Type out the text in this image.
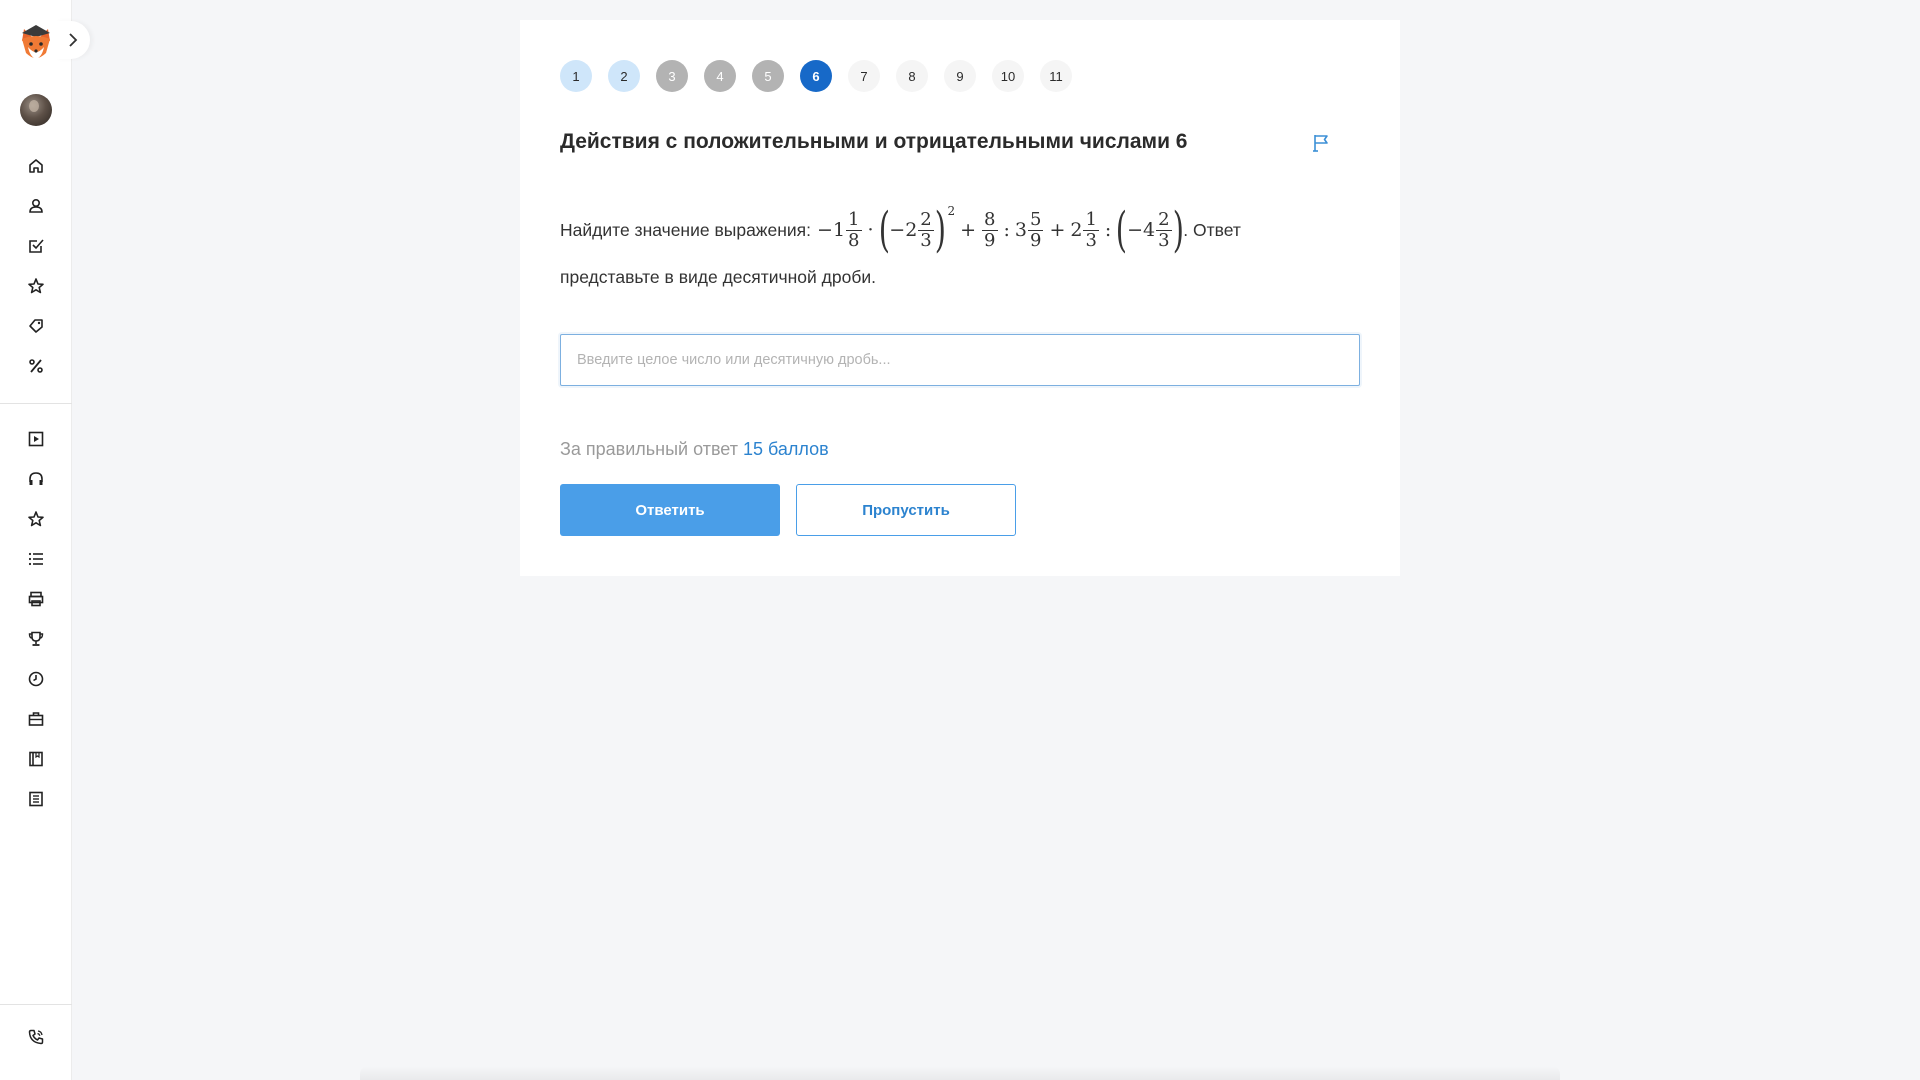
1	2	3	4	5	6	7	8	9	10	11
Действия с положительными и отрицательными числами 6
Найдите значение выражения: $-1 \frac{1}{8}$ · ( $-2 \frac{2}{3}$ ) 2
+ $\frac{8}{9}$ : $3 \frac{5}{9} + 2 \frac{1}{3}$ : ( $-4 \frac{2}{3}$ ) . Ответ
представьте в виде десятичной дроби.
Введите целое число или десятичную дробь...
За правильный ответ 15 баллов
Ответить	Пропустить
